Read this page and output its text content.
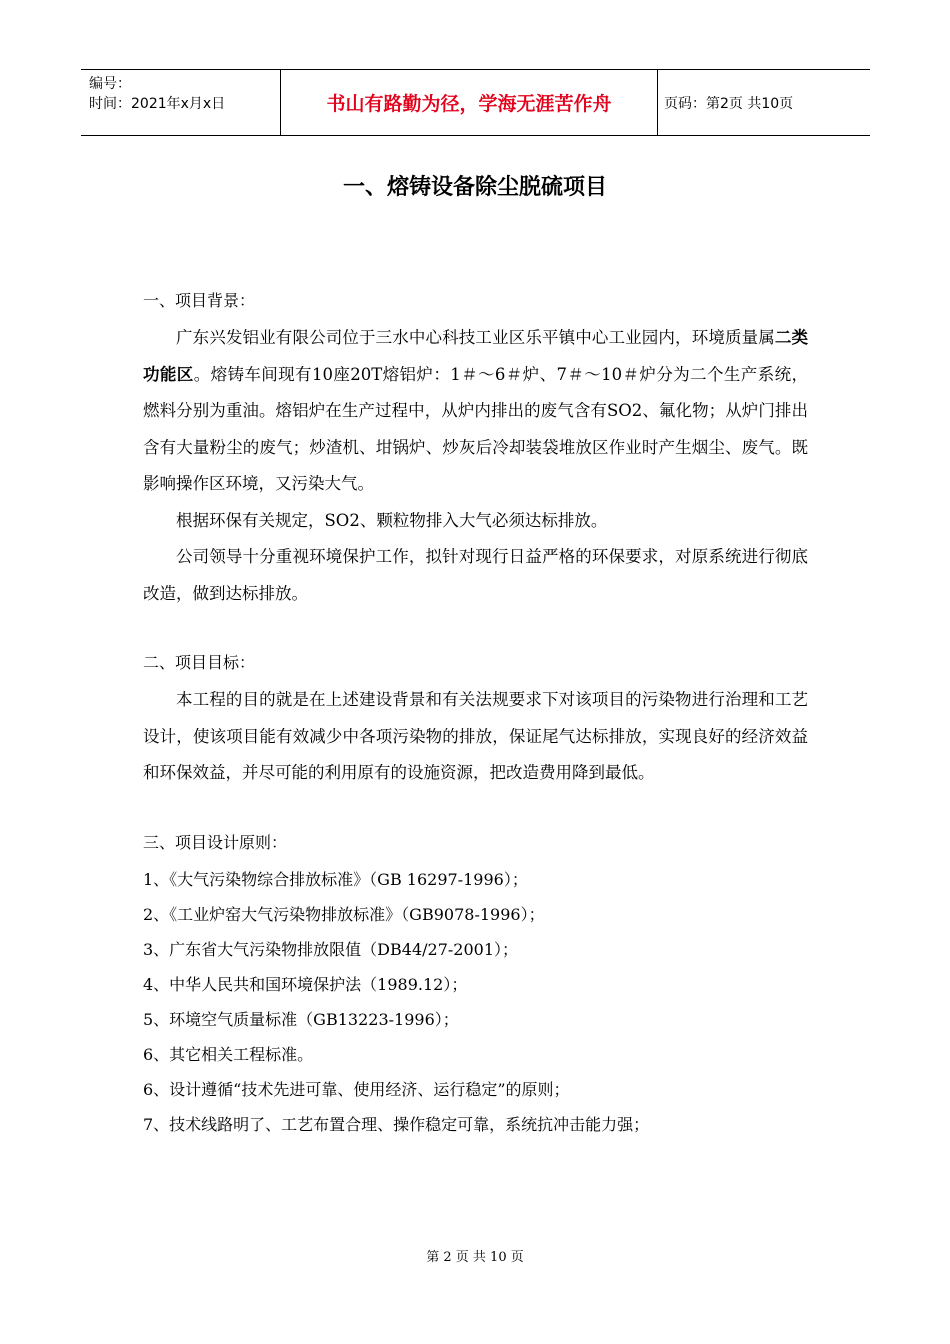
编号：
时间：2021年x月x日	书山有路勤为径，学海无涯苦作舟	页码：第2页 共10页
一、熔铸设备除尘脱硫项目
一、项目背景：

广东兴发铝业有限公司位于三水中心科技工业区乐平镇中心工业园内，环境质量属二类功能区。熔铸车间现有10座20T熔铝炉：1＃～6＃炉、7＃～10＃炉分为二个生产系统，燃料分别为重油。熔铝炉在生产过程中，从炉内排出的废气含有SO2、氟化物；从炉门排出含有大量粉尘的废气；炒渣机、坩锅炉、炒灰后冷却装袋堆放区作业时产生烟尘、废气。既影响操作区环境，又污染大气。

根据环保有关规定，SO2、颗粒物排入大气必须达标排放。

公司领导十分重视环境保护工作，拟针对现行日益严格的环保要求，对原系统进行彻底改造，做到达标排放。

二、项目目标：

本工程的目的就是在上述建设背景和有关法规要求下对该项目的污染物进行治理和工艺设计，使该项目能有效减少中各项污染物的排放，保证尾气达标排放，实现良好的经济效益和环保效益，并尽可能的利用原有的设施资源，把改造费用降到最低。

三、项目设计原则：

1、《大气污染物综合排放标准》（GB 16297-1996）；

2、《工业炉窑大气污染物排放标准》（GB9078-1996）；

3、广东省大气污染物排放限值（DB44/27-2001）；

4、中华人民共和国环境保护法（1989.12）；

5、环境空气质量标准（GB13223-1996）；

6、其它相关工程标准。

6、设计遵循“技术先进可靠、使用经济、运行稳定”的原则；

7、技术线路明了、工艺布置合理、操作稳定可靠，系统抗冲击能力强；

第 2 页 共 10 页
